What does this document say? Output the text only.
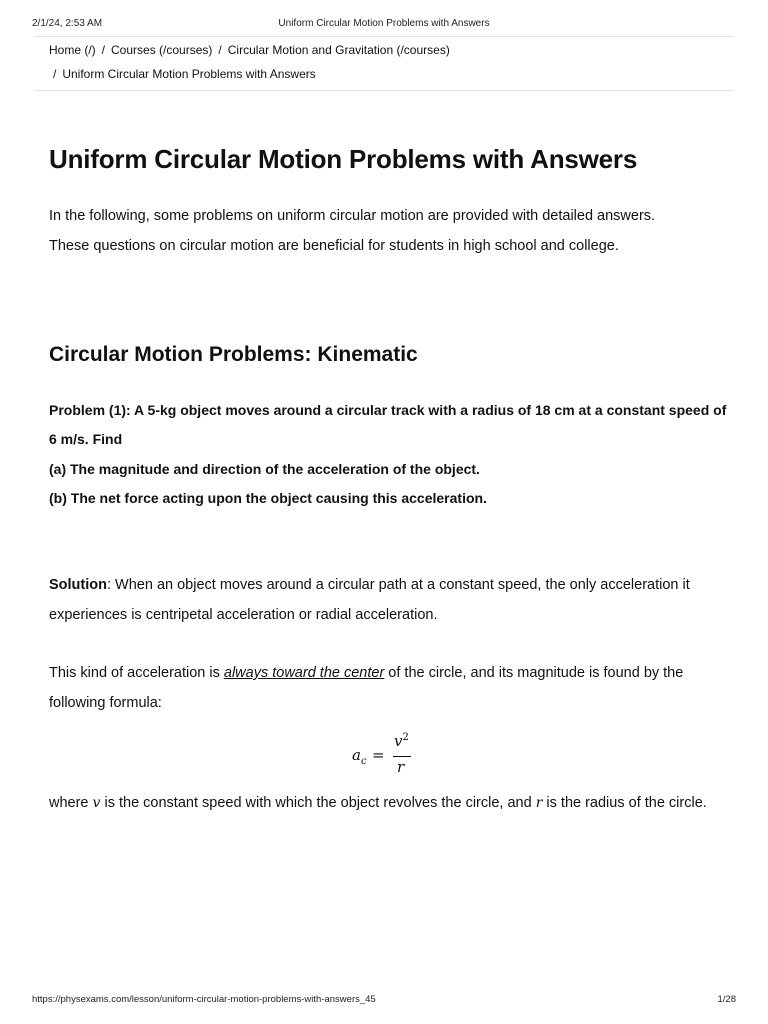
2/1/24, 2:53 AM	Uniform Circular Motion Problems with Answers
Home (/) / Courses (/courses) / Circular Motion and Gravitation (/courses)
/ Uniform Circular Motion Problems with Answers
Uniform Circular Motion Problems with Answers

In the following, some problems on uniform circular motion are provided with detailed answers.
These questions on circular motion are beneficial for students in high school and college.

Circular Motion Problems: Kinematic
Problem (1): A 5-kg object moves around a circular track with a radius of 18 cm at a constant speed of 6 m/s. Find
(a) The magnitude and direction of the acceleration of the object.
(b) The net force acting upon the object causing this acceleration.

Solution: When an object moves around a circular path at a constant speed, the only acceleration it experiences is centripetal acceleration or radial acceleration.

This kind of acceleration is always toward the center of the circle, and its magnitude is found by the following formula:

$a_c$ =
$v^2$
r

where v is the constant speed with which the object revolves the circle, and r is the radius of the circle.

https://physexams.com/lesson/uniform-circular-motion-problems-with-answers_45	1/28
